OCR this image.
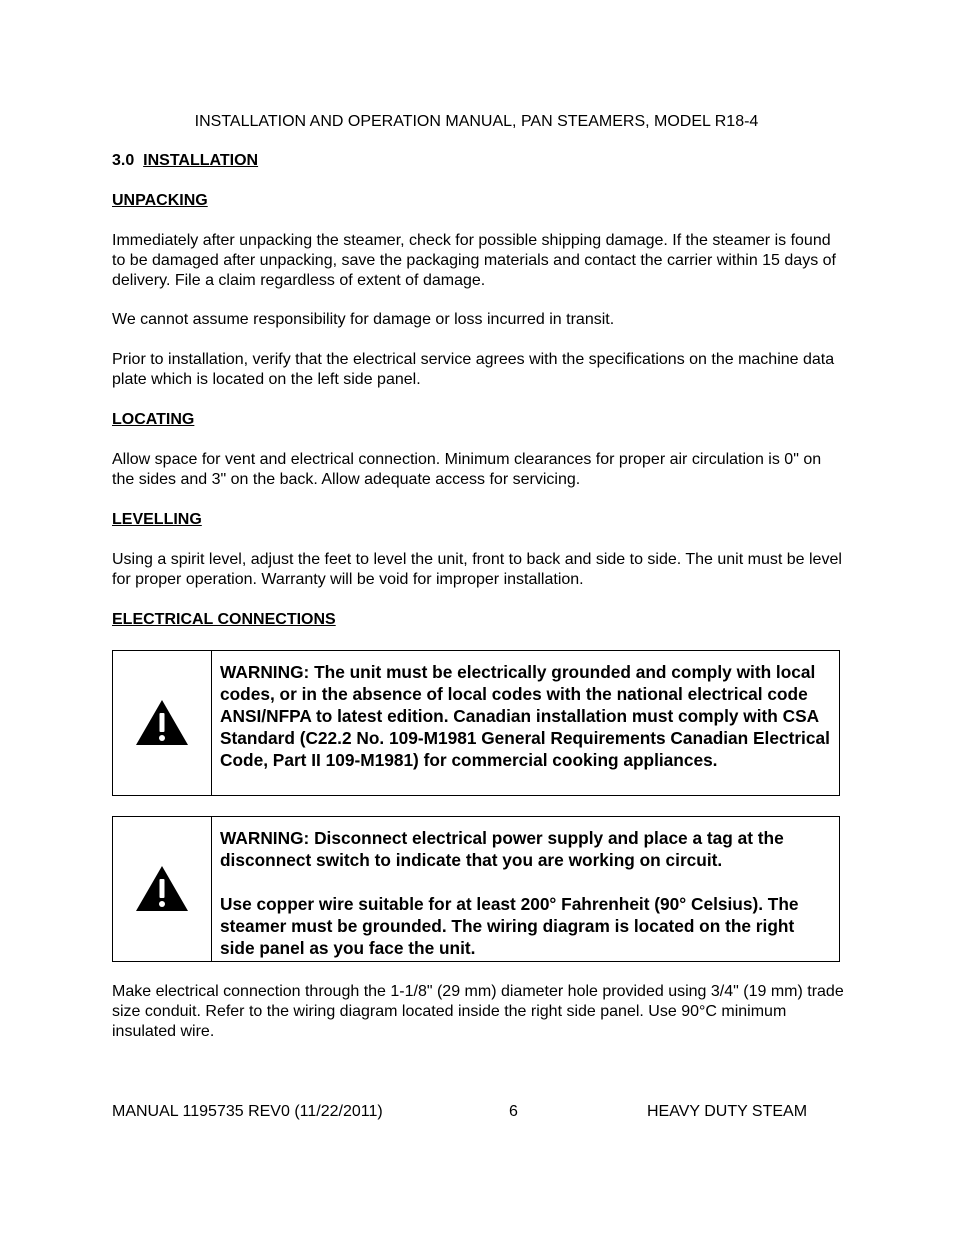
INSTALLATION AND OPERATION MANUAL, PAN STEAMERS, MODEL R18-4
3.0 INSTALLATION
UNPACKING

Immediately after unpacking the steamer, check for possible shipping damage. If the steamer is found to be damaged after unpacking, save the packaging materials and contact the carrier within 15 days of delivery. File a claim regardless of extent of damage.

We cannot assume responsibility for damage or loss incurred in transit.

Prior to installation, verify that the electrical service agrees with the specifications on the machine data plate which is located on the left side panel.

LOCATING

Allow space for vent and electrical connection. Minimum clearances for proper air circulation is 0" on the sides and 3" on the back. Allow adequate access for servicing.

LEVELLING

Using a spirit level, adjust the feet to level the unit, front to back and side to side. The unit must be level for proper operation. Warranty will be void for improper installation.

ELECTRICAL CONNECTIONS

WARNING: The unit must be electrically grounded and comply with local codes, or in the absence of local codes with the national electrical code ANSI/NFPA to latest edition. Canadian installation must comply with CSA Standard (C22.2 No. 109-M1981 General Requirements Canadian Electrical Code, Part II 109-M1981) for commercial cooking appliances.

WARNING: Disconnect electrical power supply and place a tag at the disconnect switch to indicate that you are working on circuit.

Use copper wire suitable for at least 200° Fahrenheit (90° Celsius). The steamer must be grounded. The wiring diagram is located on the right side panel as you face the unit.

Make electrical connection through the 1-1/8" (29 mm) diameter hole provided using 3/4" (19 mm) trade size conduit. Refer to the wiring diagram located inside the right side panel. Use 90°C minimum insulated wire.

MANUAL 1195735 REV0 (11/22/2011)	6	HEAVY DUTY STEAM
